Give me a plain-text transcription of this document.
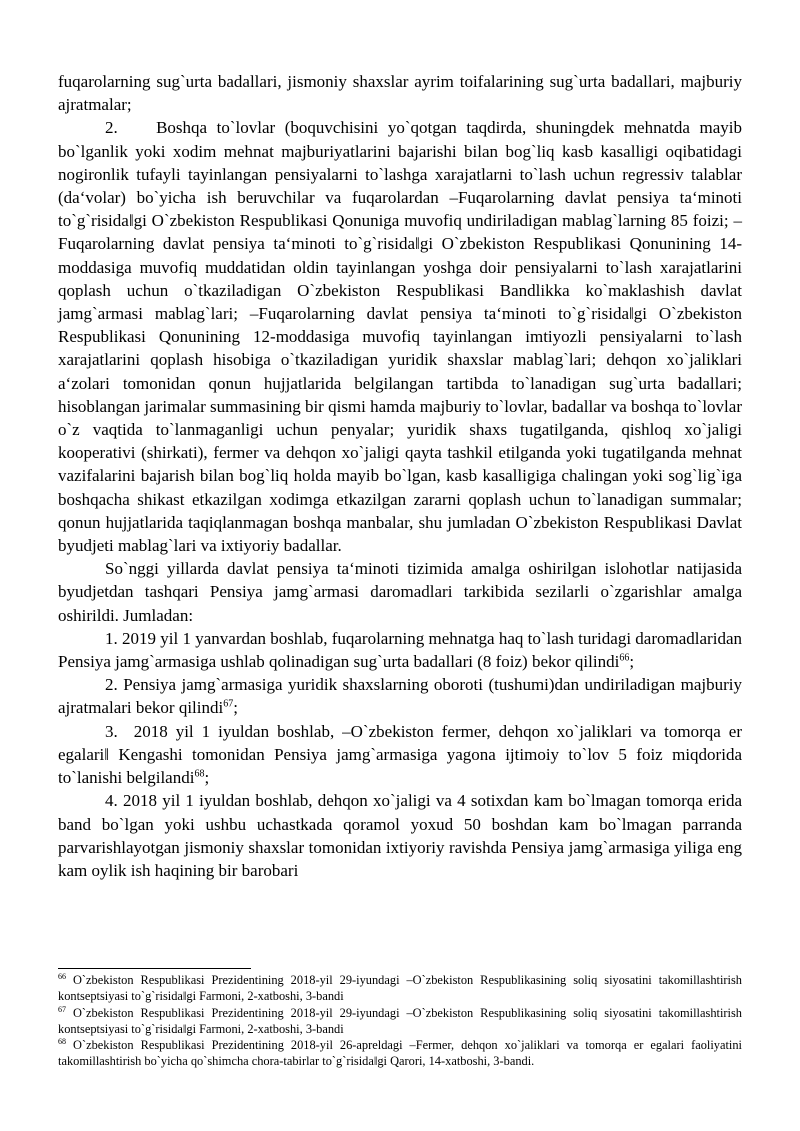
fuqarolarning sug`urta badallari, jismoniy shaxslar ayrim toifalarining sug`urta badallari, majburiy ajratmalar;

2.    Boshqa to`lovlar (boquvchisini yo`qotgan taqdirda, shuningdek mehnatda mayib bo`lganlik yoki xodim mehnat majburiyatlarini bajarishi bilan bog`liq kasb kasalligi oqibatidagi nogironlik tufayli tayinlangan pensiyalarni to`lashga xarajatlarni to`lash uchun regressiv talablar (da‘volar) bo`yicha ish beruvchilar va fuqarolardan –Fuqarolarning davlat pensiya ta‘minoti to`g`risida‖gi O`zbekiston Respublikasi Qonuniga muvofiq undiriladigan mablag`larning 85 foizi; –Fuqarolarning davlat pensiya ta‘minoti to`g`risida‖gi O`zbekiston Respublikasi Qonunining 14-moddasiga muvofiq muddatidan oldin tayinlangan yoshga doir pensiyalarni to`lash xarajatlarini qoplash uchun o`tkaziladigan O`zbekiston Respublikasi Bandlikka ko`maklashish davlat jamg`armasi mablag`lari; –Fuqarolarning davlat pensiya ta‘minoti to`g`risida‖gi O`zbekiston Respublikasi Qonunining 12-moddasiga muvofiq tayinlangan imtiyozli pensiyalarni to`lash xarajatlarini qoplash hisobiga o`tkaziladigan yuridik shaxslar mablag`lari; dehqon xo`jaliklari a‘zolari tomonidan qonun hujjatlarida belgilangan tartibda to`lanadigan sug`urta badallari; hisoblangan jarimalar summasining bir qismi hamda majburiy to`lovlar, badallar va boshqa to`lovlar o`z vaqtida to`lanmaganligi uchun penyalar; yuridik shaxs tugatilganda, qishloq xo`jaligi kooperativi (shirkati), fermer va dehqon xo`jaligi qayta tashkil etilganda yoki tugatilganda mehnat vazifalarini bajarish bilan bog`liq holda mayib bo`lgan, kasb kasalligiga chalingan yoki sog`lig`iga boshqacha shikast etkazilgan xodimga etkazilgan zararni qoplash uchun to`lanadigan summalar; qonun hujjatlarida taqiqlanmagan boshqa manbalar, shu jumladan O`zbekiston Respublikasi Davlat byudjeti mablag`lari va ixtiyoriy badallar.

So`nggi yillarda davlat pensiya ta‘minoti tizimida amalga oshirilgan islohotlar natijasida byudjetdan tashqari Pensiya jamg`armasi daromadlari tarkibida sezilarli o`zgarishlar amalga oshirildi. Jumladan:

1. 2019 yil 1 yanvardan boshlab, fuqarolarning mehnatga haq to`lash turidagi daromadlaridan Pensiya jamg`armasiga ushlab qolinadigan sug`urta badallari (8 foiz) bekor qilindi$^{66}$;

2. Pensiya jamg`armasiga yuridik shaxslarning oboroti (tushumi)dan undiriladigan majburiy ajratmalari bekor qilindi$^{67}$;

3.  2018 yil 1 iyuldan boshlab, –O`zbekiston fermer, dehqon xo`jaliklari va tomorqa er egalari‖ Kengashi tomonidan Pensiya jamg`armasiga yagona ijtimoiy to`lov 5 foiz miqdorida to`lanishi belgilandi$^{68}$;

4. 2018 yil 1 iyuldan boshlab, dehqon xo`jaligi va 4 sotixdan kam bo`lmagan tomorqa erida band bo`lgan yoki ushbu uchastkada qoramol yoxud 50 boshdan kam bo`lmagan parranda parvarishlayotgan jismoniy shaxslar tomonidan ixtiyoriy ravishda Pensiya jamg`armasiga yiliga eng kam oylik ish haqining bir barobari

$^{66}$ O`zbekiston Respublikasi Prezidentining 2018-yil 29-iyundagi –O`zbekiston Respublikasining soliq siyosatini takomillashtirish kontseptsiyasi to`g`risida‖gi Farmoni, 2-xatboshi, 3-bandi

$^{67}$ O`zbekiston Respublikasi Prezidentining 2018-yil 29-iyundagi –O`zbekiston Respublikasining soliq siyosatini takomillashtirish kontseptsiyasi to`g`risida‖gi Farmoni, 2-xatboshi, 3-bandi

$^{68}$ O`zbekiston Respublikasi Prezidentining 2018-yil 26-apreldagi –Fermer, dehqon xo`jaliklari va tomorqa er egalari faoliyatini takomillashtirish bo`yicha qo`shimcha chora-tabirlar to`g`risida‖gi Qarori, 14-xatboshi, 3-bandi.
